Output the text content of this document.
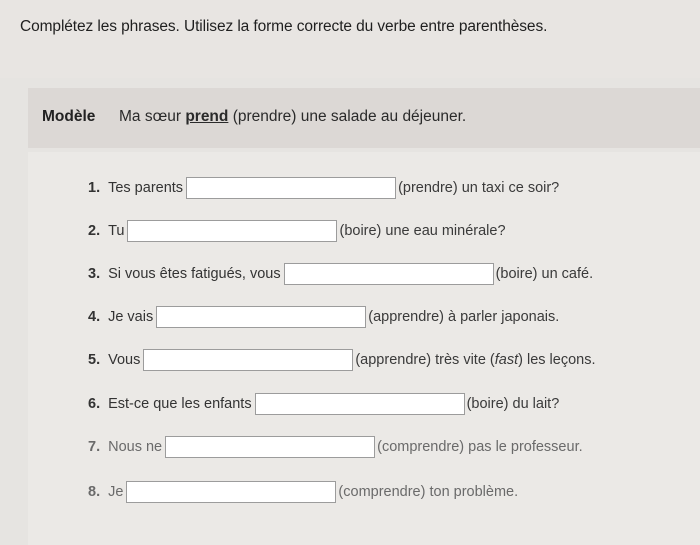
Complétez les phrases. Utilisez la forme correcte du verbe entre parenthèses.
Modèle Ma sœur prend (prendre) une salade au déjeuner.
1. Tes parents	(prendre) un taxi ce soir?
2. Tu	(boire) une eau minérale?
3. Si vous êtes fatigués, vous	(boire) un café.
4. Je vais	(apprendre) à parler japonais.
5. Vous	(apprendre) très vite (fast) les leçons.
6. Est-ce que les enfants	(boire) du lait?
7. Nous ne	(comprendre) pas le professeur.
8. Je	(comprendre) ton problème.
